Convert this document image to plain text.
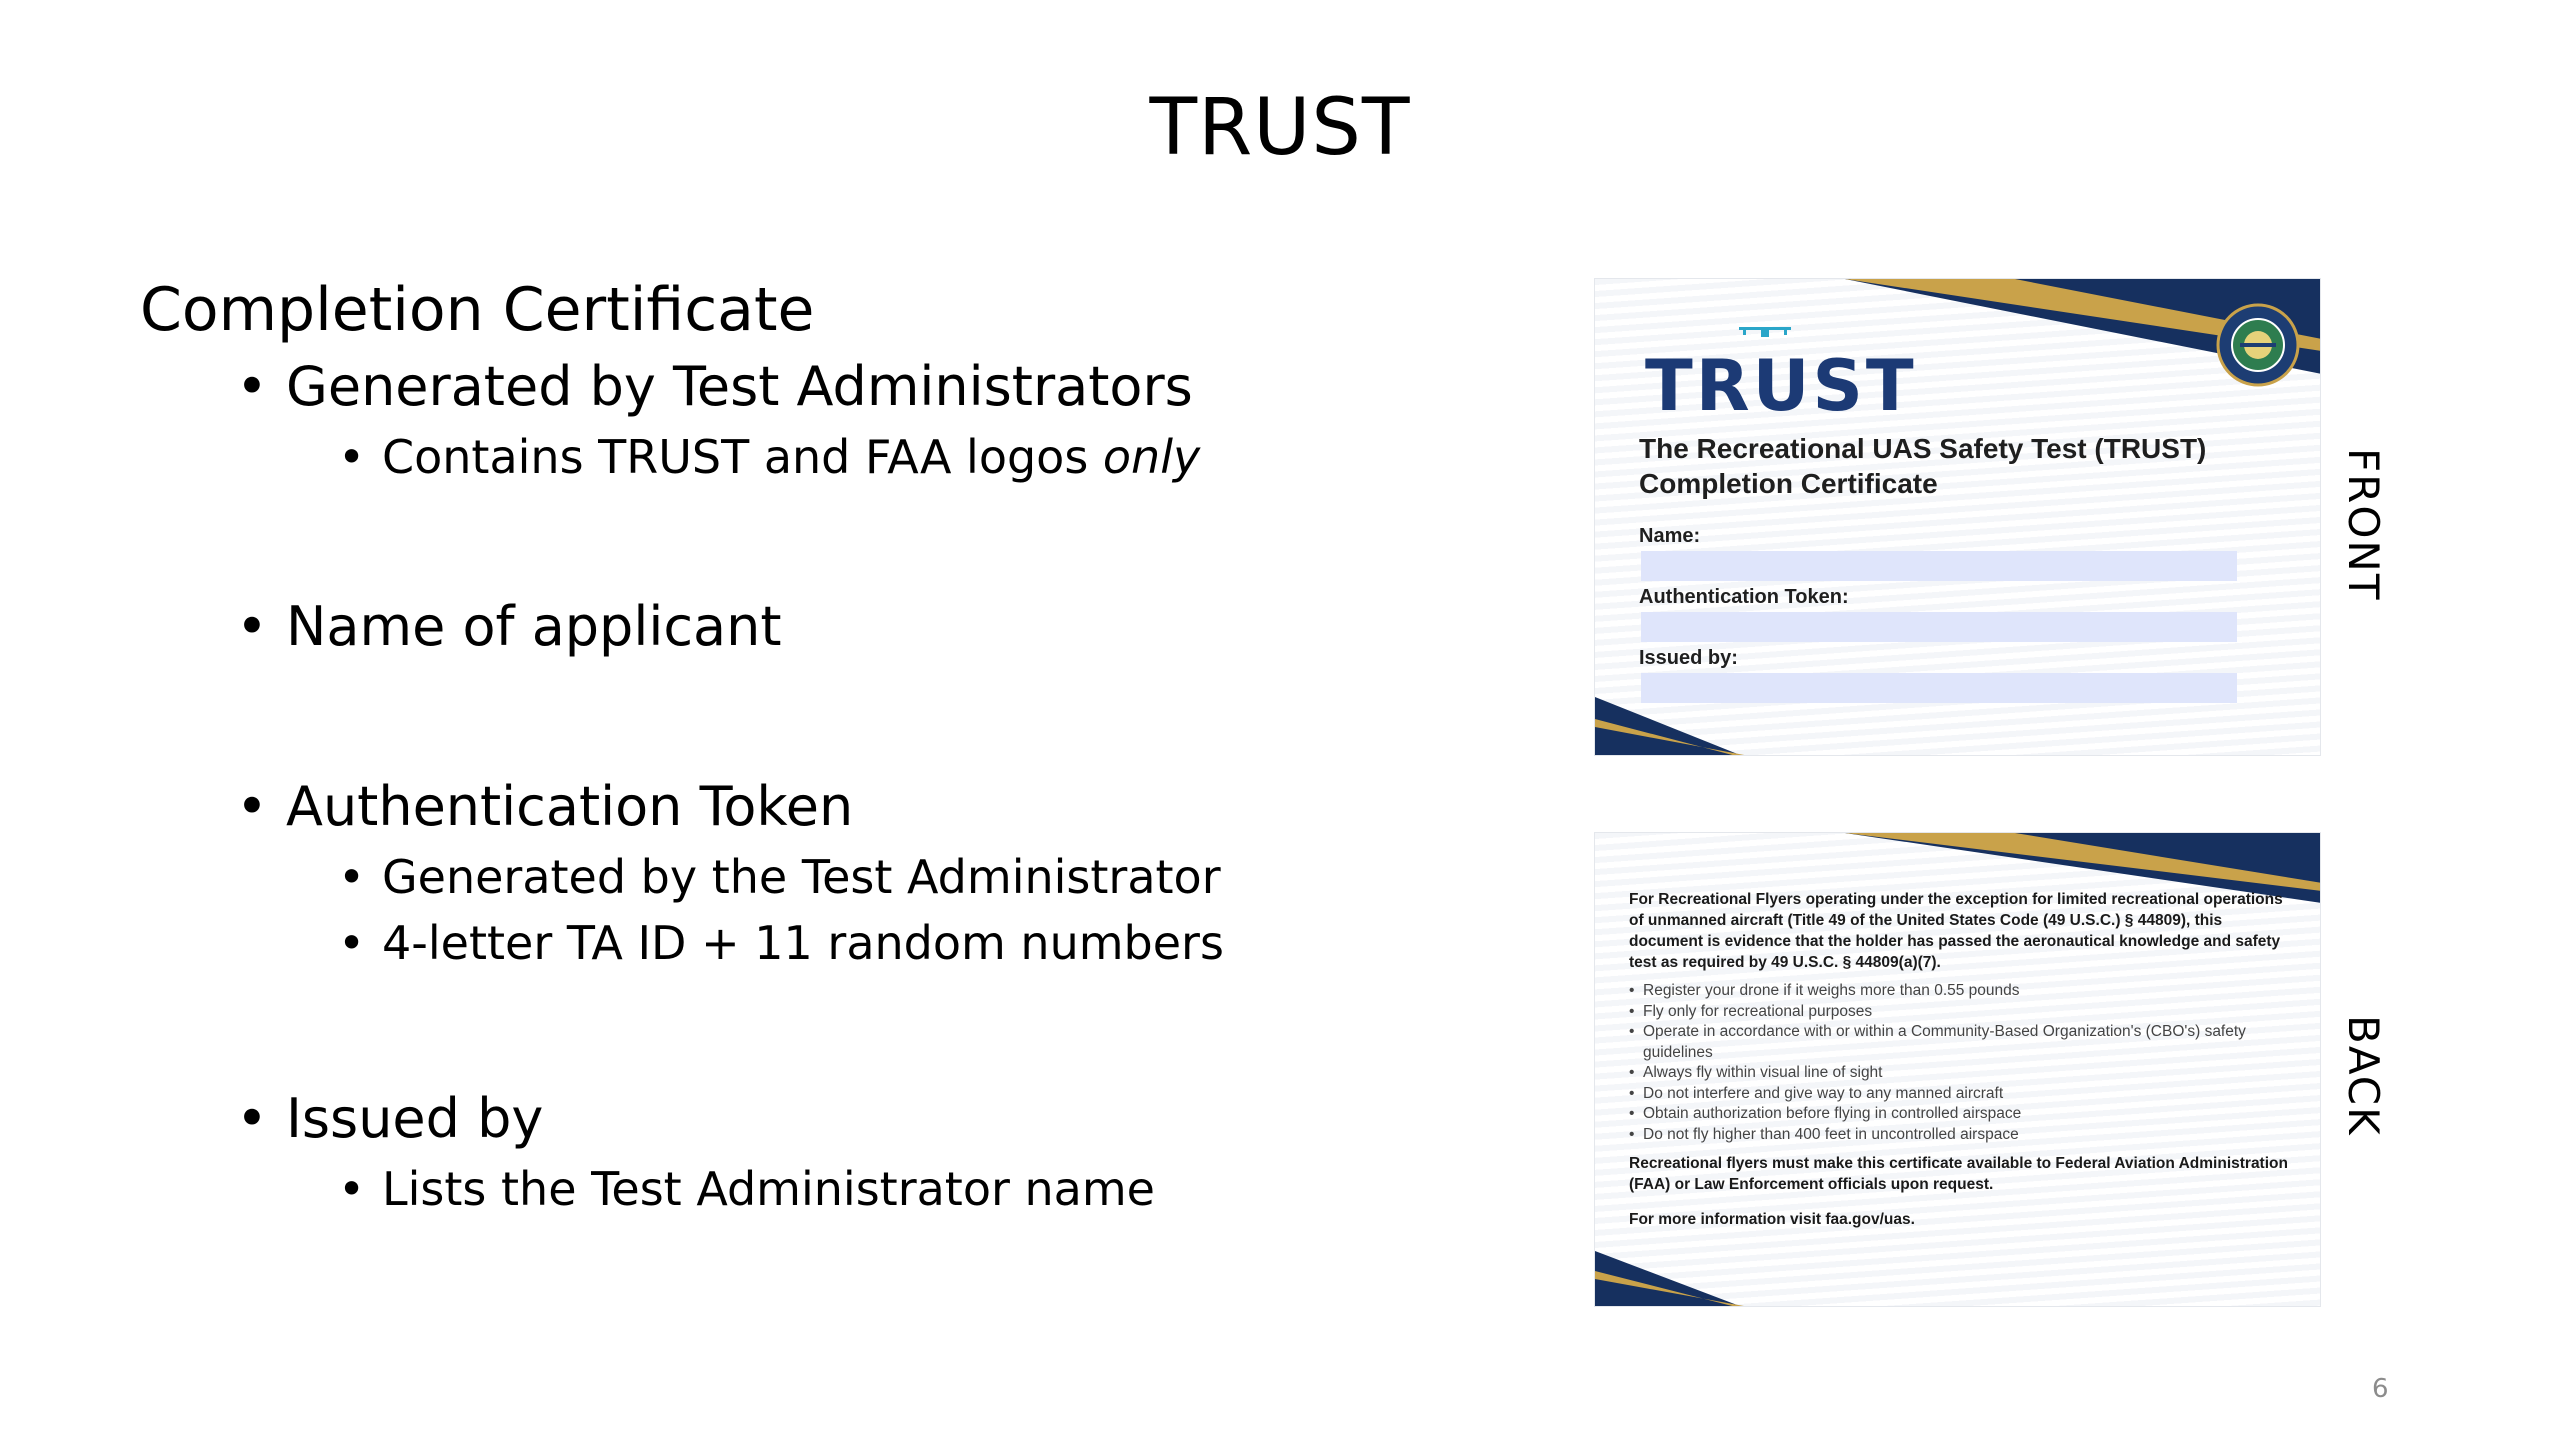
TRUST
Completion Certificate
• Generated by Test Administrators
• Contains TRUST and FAA logos only
• Name of applicant
• Authentication Token
• Generated by the Test Administrator
• 4-letter TA ID + 11 random numbers
• Issued by
• Lists the Test Administrator name
TRUST
The Recreational UAS Safety Test (TRUST)
Completion Certificate
Name:
Authentication Token:
Issued by:
FRONT
For Recreational Flyers operating under the exception for limited recreational operations of unmanned aircraft (Title 49 of the United States Code (49 U.S.C.) § 44809), this document is evidence that the holder has passed the aeronautical knowledge and safety test as required by 49 U.S.C. § 44809(a)(7).
• Register your drone if it weighs more than 0.55 pounds
• Fly only for recreational purposes
• Operate in accordance with or within a Community-Based Organization's (CBO's) safety guidelines
• Always fly within visual line of sight
• Do not interfere and give way to any manned aircraft
• Obtain authorization before flying in controlled airspace
• Do not fly higher than 400 feet in uncontrolled airspace
Recreational flyers must make this certificate available to Federal Aviation Administration (FAA) or Law Enforcement officials upon request.
For more information visit faa.gov/uas.
BACK
6
